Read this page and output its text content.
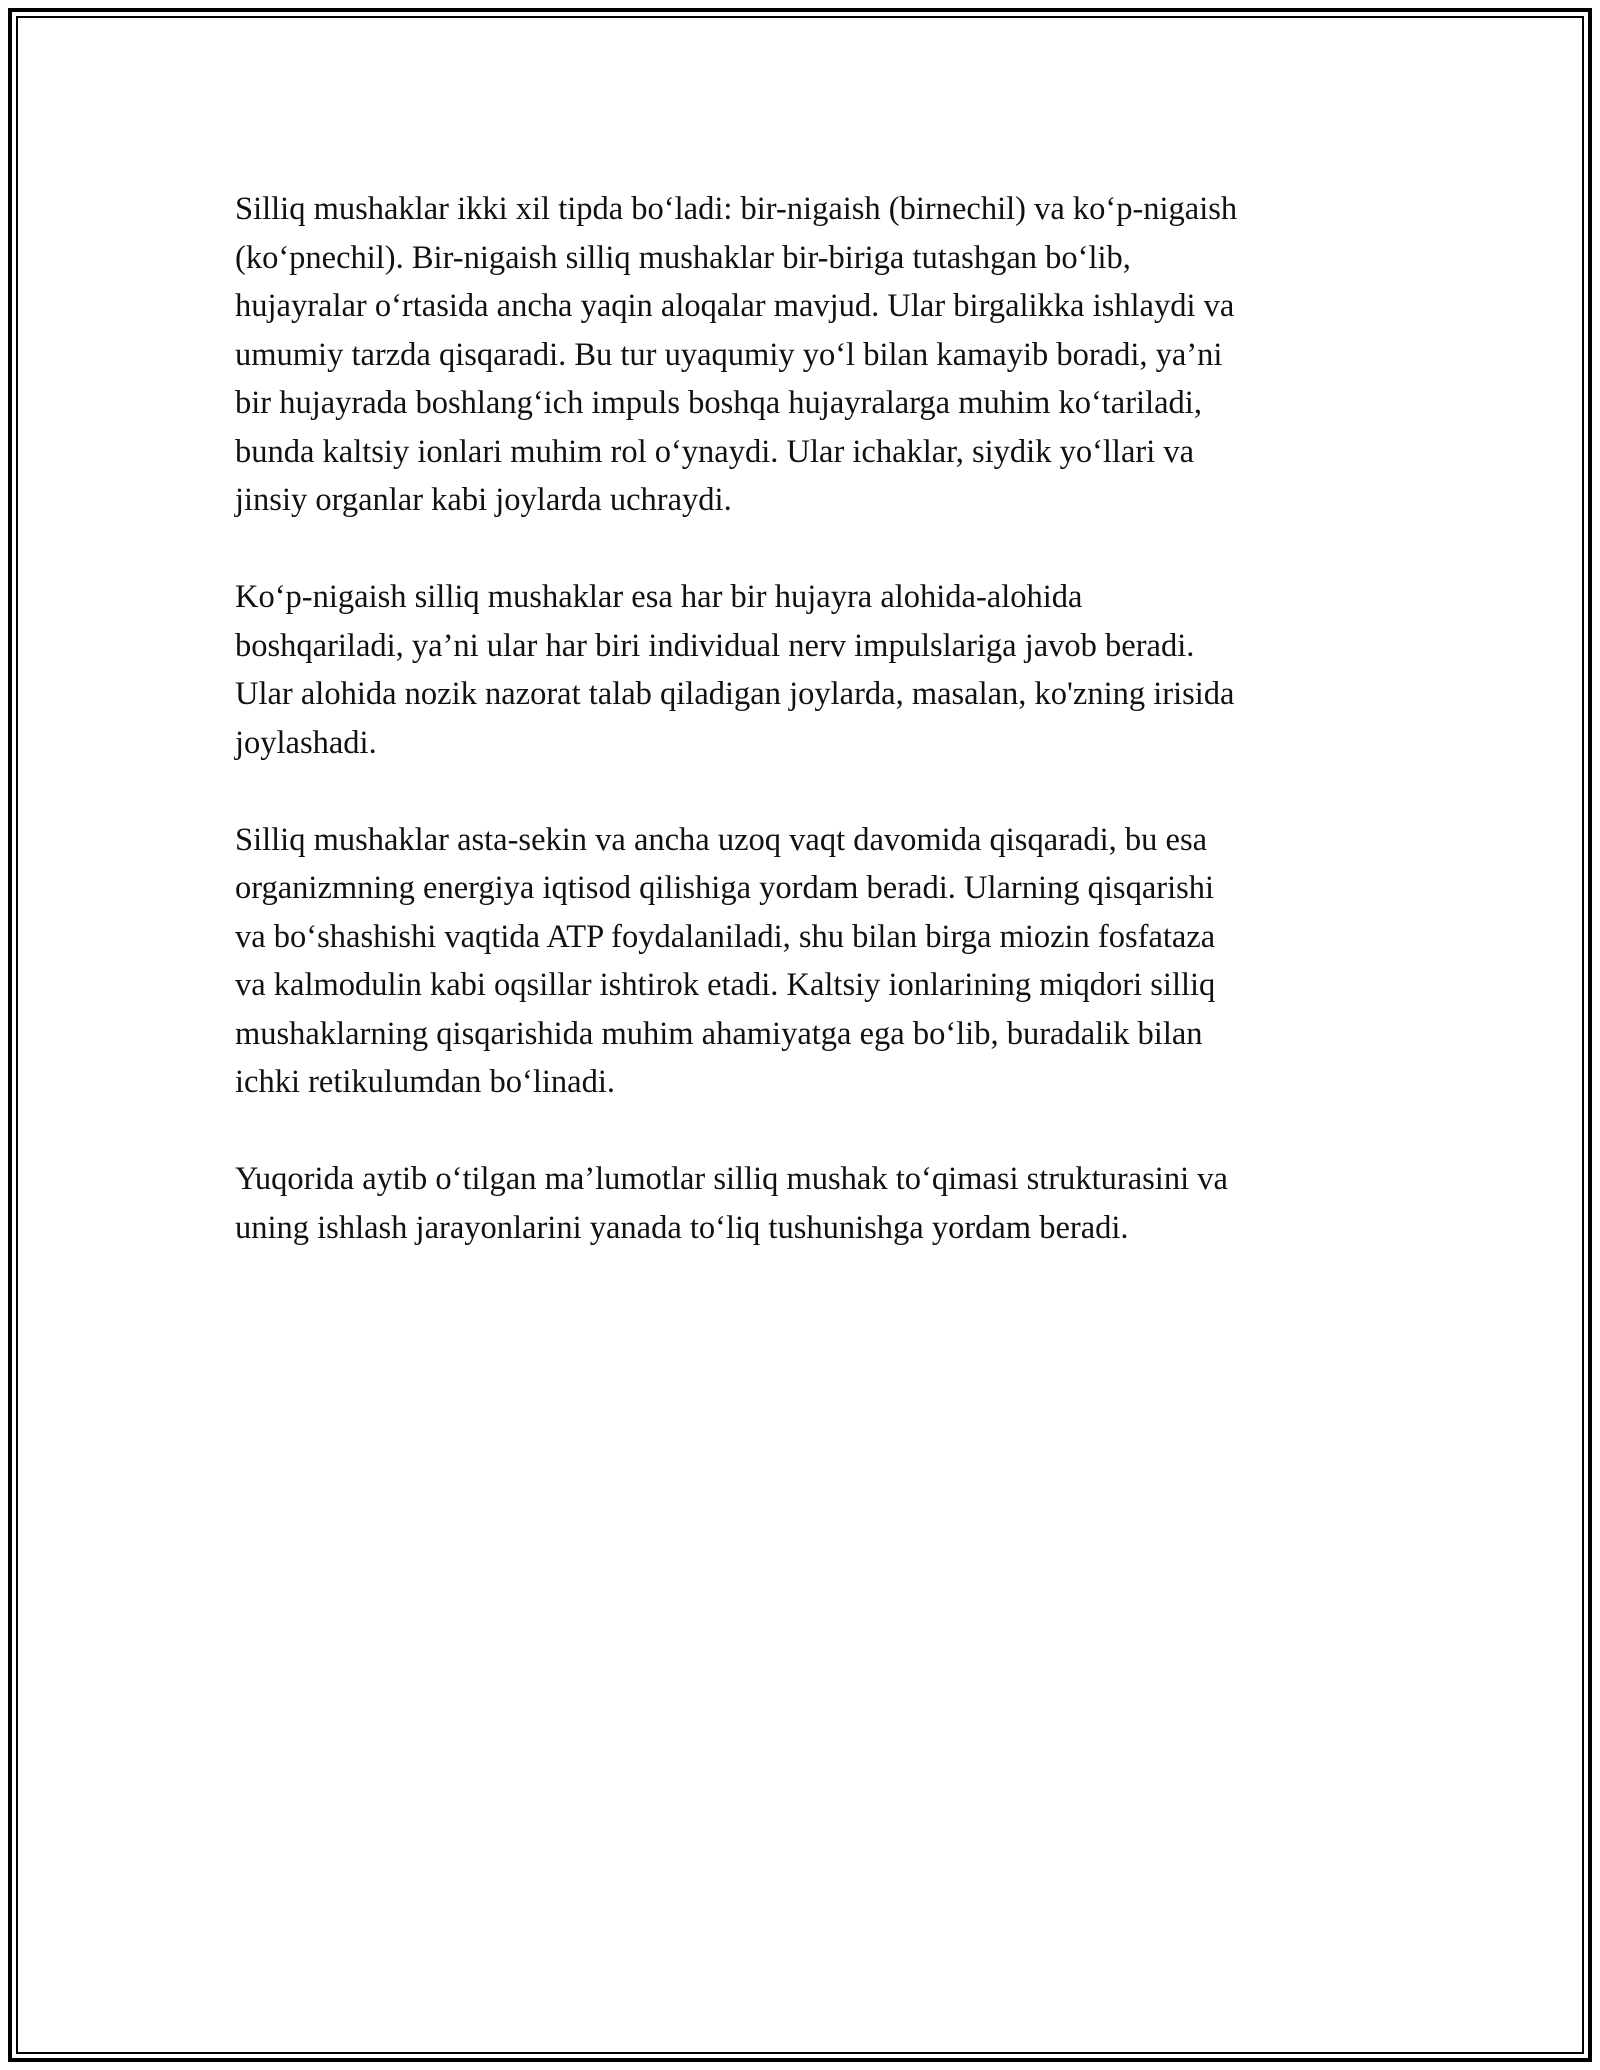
Silliq mushaklar ikki xil tipda bo‘ladi: bir-nigaish (birnechil) va ko‘p-nigaish
(ko‘pnechil). Bir-nigaish silliq mushaklar bir-biriga tutashgan bo‘lib,
hujayralar o‘rtasida ancha yaqin aloqalar mavjud. Ular birgalikka ishlaydi va
umumiy tarzda qisqaradi. Bu tur uyaqumiy yo‘l bilan kamayib boradi, ya’ni
bir hujayrada boshlang‘ich impuls boshqa hujayralarga muhim ko‘tariladi,
bunda kaltsiy ionlari muhim rol o‘ynaydi. Ular ichaklar, siydik yo‘llari va
jinsiy organlar kabi joylarda uchraydi.

Ko‘p-nigaish silliq mushaklar esa har bir hujayra alohida-alohida
boshqariladi, ya’ni ular har biri individual nerv impulslariga javob beradi.
Ular alohida nozik nazorat talab qiladigan joylarda, masalan, ko'zning irisida
joylashadi.

Silliq mushaklar asta-sekin va ancha uzoq vaqt davomida qisqaradi, bu esa
organizmning energiya iqtisod qilishiga yordam beradi. Ularning qisqarishi
va bo‘shashishi vaqtida ATP foydalaniladi, shu bilan birga miozin fosfataza
va kalmodulin kabi oqsillar ishtirok etadi. Kaltsiy ionlarining miqdori silliq
mushaklarning qisqarishida muhim ahamiyatga ega bo‘lib, buradalik bilan
ichki retikulumdan bo‘linadi.

Yuqorida aytib o‘tilgan ma’lumotlar silliq mushak to‘qimasi strukturasini va
uning ishlash jarayonlarini yanada to‘liq tushunishga yordam beradi.
